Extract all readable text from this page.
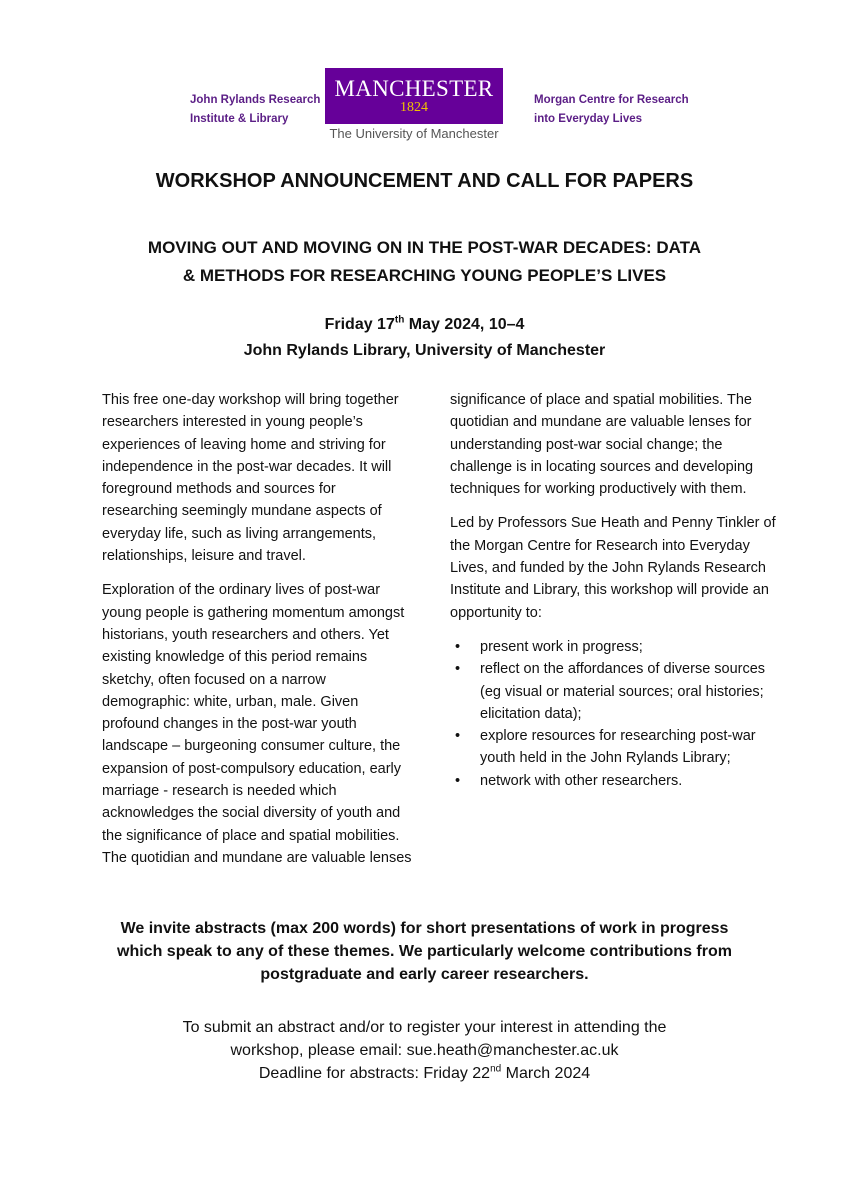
John Rylands Research
Institute & Library
MANCHESTER
1824
The University of Manchester
Morgan Centre for Research
into Everyday Lives
WORKSHOP ANNOUNCEMENT AND CALL FOR PAPERS
MOVING OUT AND MOVING ON IN THE POST-WAR DECADES: DATA
& METHODS FOR RESEARCHING YOUNG PEOPLE’S LIVES
Friday 17th May 2024, 10–4
John Rylands Library, University of Manchester

This free one-day workshop will bring together researchers interested in young people’s experiences of leaving home and striving for independence in the post-war decades. It will foreground methods and sources for researching seemingly mundane aspects of everyday life, such as living arrangements, relationships, leisure and travel.

Exploration of the ordinary lives of post-war young people is gathering momentum amongst historians, youth researchers and others. Yet existing knowledge of this period remains sketchy, often focused on a narrow demographic: white, urban, male. Given profound changes in the post-war youth landscape – burgeoning consumer culture, the expansion of post-compulsory education, early marriage - research is needed which acknowledges the social diversity of youth and the significance of place and spatial mobilities. The quotidian and mundane are valuable lenses

significance of place and spatial mobilities. The quotidian and mundane are valuable lenses for understanding post-war social change; the challenge is in locating sources and developing techniques for working productively with them.

Led by Professors Sue Heath and Penny Tinkler of the Morgan Centre for Research into Everyday Lives, and funded by the John Rylands Research Institute and Library, this workshop will provide an opportunity to:

• present work in progress;
• reflect on the affordances of diverse sources (eg visual or material sources; oral histories; elicitation data);
• explore resources for researching post-war youth held in the John Rylands Library;
• network with other researchers.
We invite abstracts (max 200 words) for short presentations of work in progress which speak to any of these themes. We particularly welcome contributions from postgraduate and early career researchers.
To submit an abstract and/or to register your interest in attending the
workshop, please email: sue.heath@manchester.ac.uk
Deadline for abstracts: Friday 22nd March 2024
